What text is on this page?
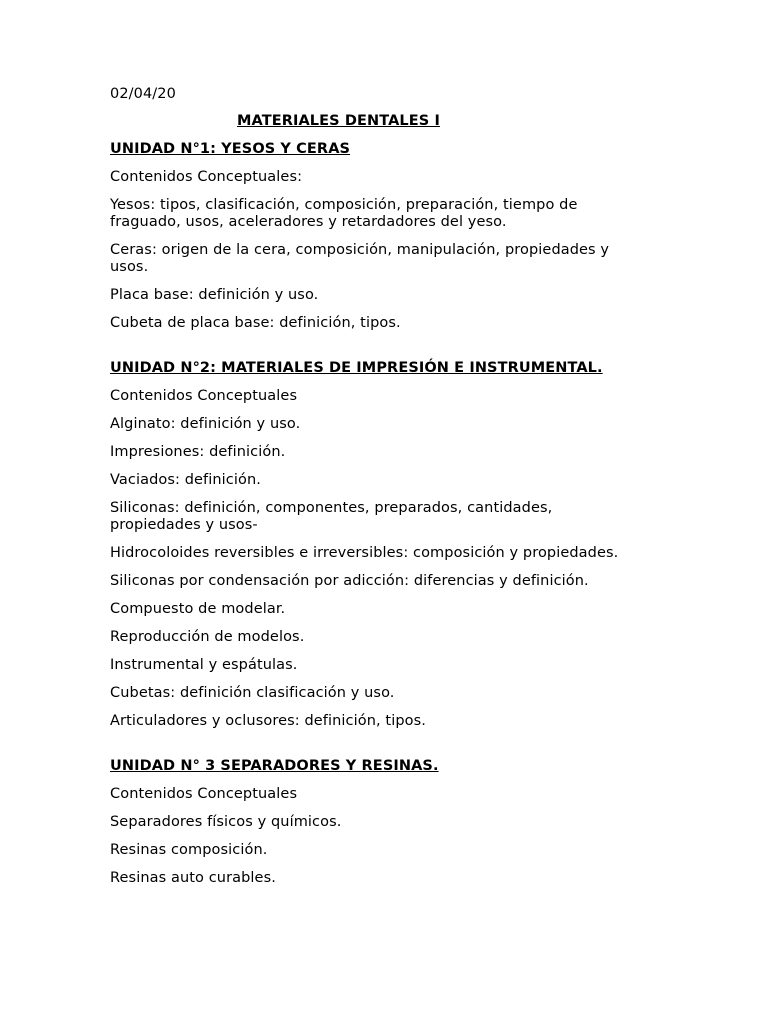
02/04/20
MATERIALES DENTALES I
UNIDAD N°1: YESOS Y CERAS
Contenidos Conceptuales:
Yesos: tipos, clasificación, composición, preparación, tiempo de fraguado, usos, aceleradores y retardadores del yeso.
Ceras: origen de la cera, composición, manipulación, propiedades y usos.
Placa base: definición y uso.
Cubeta de placa base: definición, tipos.
UNIDAD N°2: MATERIALES DE IMPRESIÓN E INSTRUMENTAL.
Contenidos Conceptuales
Alginato: definición y uso.
Impresiones: definición.
Vaciados: definición.
Siliconas: definición, componentes, preparados, cantidades, propiedades y usos-
Hidrocoloides reversibles e irreversibles: composición y propiedades.
Siliconas por condensación por adicción: diferencias y definición.
Compuesto de modelar.
Reproducción de modelos.
Instrumental y espátulas.
Cubetas: definición clasificación y uso.
Articuladores y oclusores: definición, tipos.
UNIDAD N° 3 SEPARADORES Y RESINAS.
Contenidos Conceptuales
Separadores físicos y químicos.
Resinas composición.
Resinas auto curables.
